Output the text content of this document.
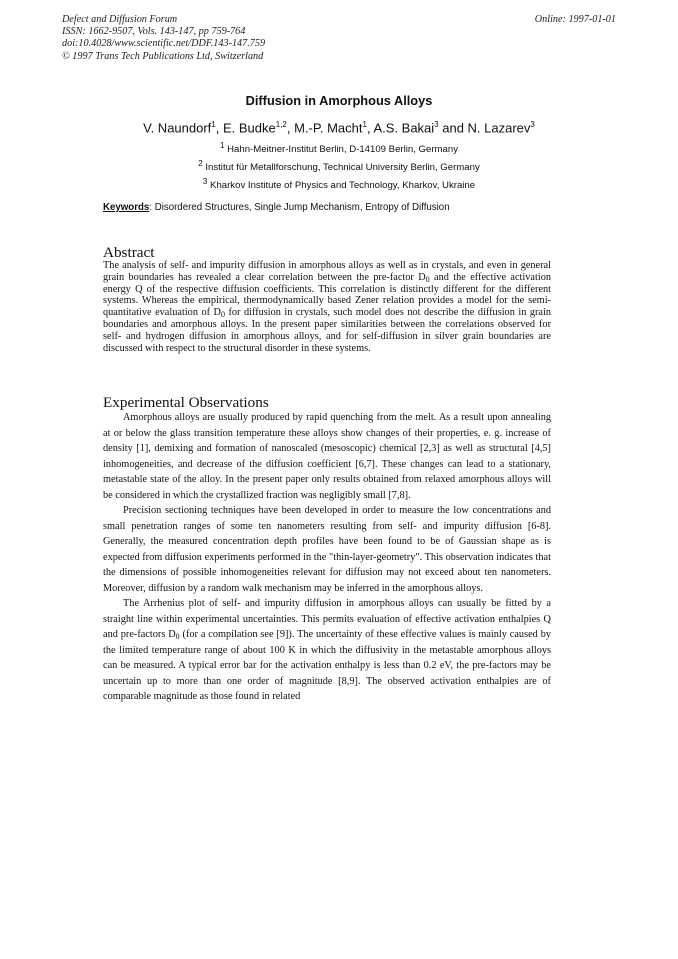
Defect and Diffusion Forum
ISSN: 1662-9507, Vols. 143-147, pp 759-764
doi:10.4028/www.scientific.net/DDF.143-147.759
© 1997 Trans Tech Publications Ltd, Switzerland
Online: 1997-01-01
Diffusion in Amorphous Alloys
V. Naundorf$^1$, E. Budke$^{1,2}$, M.-P. Macht$^1$, A.S. Bakai$^3$ and N. Lazarev$^3$
$^1$ Hahn-Meitner-Institut Berlin, D-14109 Berlin, Germany
$^2$ Institut für Metallforschung, Technical University Berlin, Germany
$^3$ Kharkov Institute of Physics and Technology, Kharkov, Ukraine
Keywords: Disordered Structures, Single Jump Mechanism, Entropy of Diffusion
Abstract

The analysis of self- and impurity diffusion in amorphous alloys as well as in crystals, and even in general grain boundaries has revealed a clear correlation between the pre-factor $D_0$ and the effective activation energy Q of the respective diffusion coefficients. This correlation is distinctly different for the different systems. Whereas the empirical, thermodynamically based Zener relation provides a model for the semi-quantitative evaluation of $D_0$ for diffusion in crystals, such model does not describe the diffusion in grain boundaries and amorphous alloys. In the present paper similarities between the correlations observed for self- and hydrogen diffusion in amorphous alloys, and for self-diffusion in silver grain boundaries are discussed with respect to the structural disorder in these systems.

Experimental Observations

Amorphous alloys are usually produced by rapid quenching from the melt. As a result upon annealing at or below the glass transition temperature these alloys show changes of their properties, e. g. increase of density [1], demixing and formation of nanoscaled (mesoscopic) chemical [2,3] as well as structural [4,5] inhomogeneities, and decrease of the diffusion coefficient [6,7]. These changes can lead to a stationary, metastable state of the alloy. In the present paper only results obtained from relaxed amorphous alloys will be considered in which the crystallized fraction was negligibly small [7,8].

Precision sectioning techniques have been developed in order to measure the low concentrations and small penetration ranges of some ten nanometers resulting from self- and impurity diffusion [6-8]. Generally, the measured concentration depth profiles have been found to be of Gaussian shape as is expected from diffusion experiments performed in the "thin-layer-geometry". This observation indicates that the dimensions of possible inhomogeneities relevant for diffusion may not exceed about ten nanometers. Moreover, diffusion by a random walk mechanism may be inferred in the amorphous alloys.

The Arrhenius plot of self- and impurity diffusion in amorphous alloys can usually be fitted by a straight line within experimental uncertainties. This permits evaluation of effective activation enthalpies Q and pre-factors $D_0$ (for a compilation see [9]). The uncertainty of these effective values is mainly caused by the limited temperature range of about 100 K in which the diffusivity in the metastable amorphous alloys can be measured. A typical error bar for the activation enthalpy is less than 0.2 eV, the pre-factors may be uncertain up to more than one order of magnitude [8,9]. The observed activation enthalpies are of comparable magnitude as those found in related
